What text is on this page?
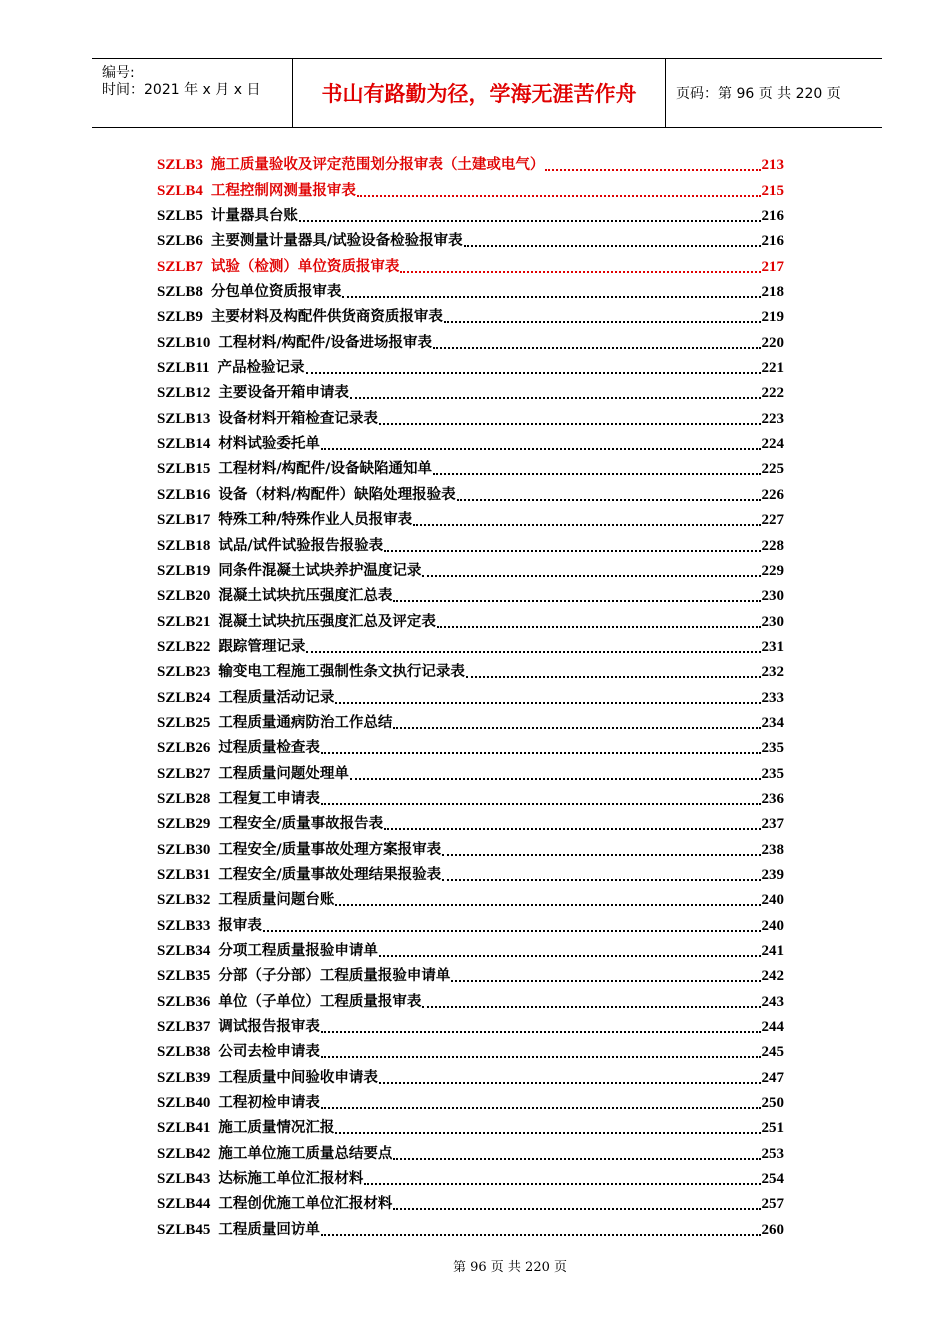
编号:
时间：2021 年 x 月 x 日	书山有路勤为径，学海无涯苦作舟	页码：第 96 页 共 220 页
SZLB3 施工质量验收及评定范围划分报审表（土建或电气）	213
SZLB4 工程控制网测量报审表	215
SZLB5 计量器具台账	216
SZLB6 主要测量计量器具/试验设备检验报审表	216
SZLB7 试验（检测）单位资质报审表	217
SZLB8 分包单位资质报审表	218
SZLB9 主要材料及构配件供货商资质报审表	219
SZLB10 工程材料/构配件/设备进场报审表	220
SZLB11 产品检验记录	221
SZLB12 主要设备开箱申请表	222
SZLB13 设备材料开箱检查记录表	223
SZLB14 材料试验委托单	224
SZLB15 工程材料/构配件/设备缺陷通知单	225
SZLB16 设备（材料/构配件）缺陷处理报验表	226
SZLB17 特殊工种/特殊作业人员报审表	227
SZLB18 试品/试件试验报告报验表	228
SZLB19 同条件混凝土试块养护温度记录	229
SZLB20 混凝土试块抗压强度汇总表	230
SZLB21 混凝土试块抗压强度汇总及评定表	230
SZLB22 跟踪管理记录	231
SZLB23 输变电工程施工强制性条文执行记录表	232
SZLB24 工程质量活动记录	233
SZLB25 工程质量通病防治工作总结	234
SZLB26 过程质量检查表	235
SZLB27 工程质量问题处理单	235
SZLB28 工程复工申请表	236
SZLB29 工程安全/质量事故报告表	237
SZLB30 工程安全/质量事故处理方案报审表	238
SZLB31 工程安全/质量事故处理结果报验表	239
SZLB32 工程质量问题台账	240
SZLB33 报审表	240
SZLB34 分项工程质量报验申请单	241
SZLB35 分部（子分部）工程质量报验申请单	242
SZLB36 单位（子单位）工程质量报审表	243
SZLB37 调试报告报审表	244
SZLB38 公司去检申请表	245
SZLB39 工程质量中间验收申请表	247
SZLB40 工程初检申请表	250
SZLB41 施工质量情况汇报	251
SZLB42 施工单位施工质量总结要点	253
SZLB43 达标施工单位汇报材料	254
SZLB44 工程创优施工单位汇报材料	257
SZLB45 工程质量回访单	260
第 96 页 共 220 页
